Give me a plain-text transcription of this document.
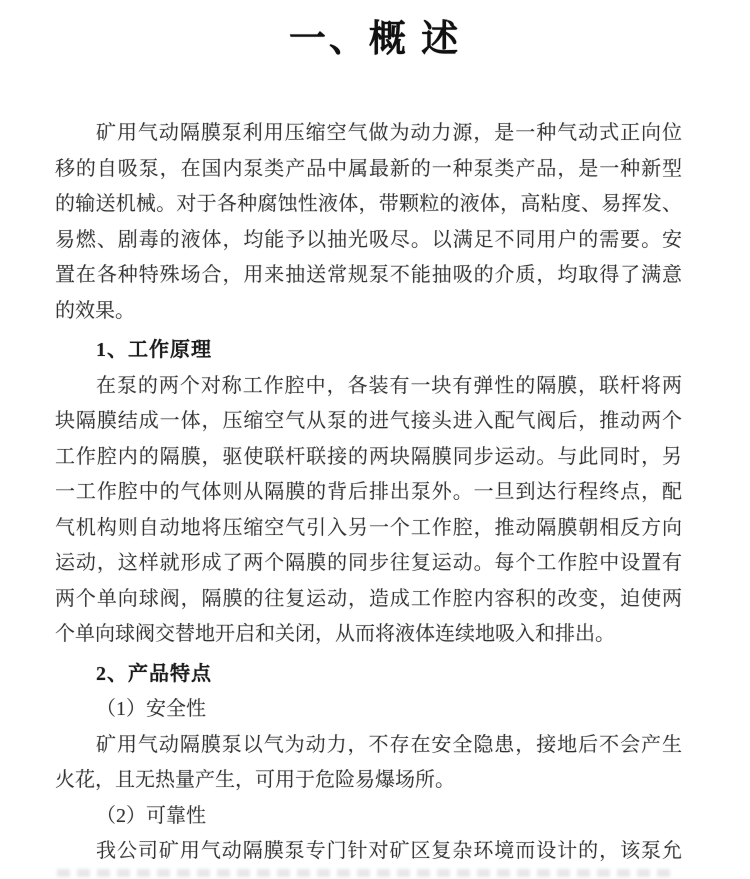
一、概 述
矿用气动隔膜泵利用压缩空气做为动力源，是一种气动式正向位
移的自吸泵，在国内泵类产品中属最新的一种泵类产品，是一种新型
的输送机械。对于各种腐蚀性液体，带颗粒的液体，高粘度、易挥发、
易燃、剧毒的液体，均能予以抽光吸尽。以满足不同用户的需要。安
置在各种特殊场合，用来抽送常规泵不能抽吸的介质，均取得了满意
的效果。
1、工作原理
在泵的两个对称工作腔中，各装有一块有弹性的隔膜，联杆将两
块隔膜结成一体，压缩空气从泵的进气接头进入配气阀后，推动两个
工作腔内的隔膜，驱使联杆联接的两块隔膜同步运动。与此同时，另
一工作腔中的气体则从隔膜的背后排出泵外。一旦到达行程终点，配
气机构则自动地将压缩空气引入另一个工作腔，推动隔膜朝相反方向
运动，这样就形成了两个隔膜的同步往复运动。每个工作腔中设置有
两个单向球阀，隔膜的往复运动，造成工作腔内容积的改变，迫使两
个单向球阀交替地开启和关闭，从而将液体连续地吸入和排出。
2、产品特点
（1）安全性
矿用气动隔膜泵以气为动力，不存在安全隐患，接地后不会产生
火花，且无热量产生，可用于危险易爆场所。
（2）可靠性
我公司矿用气动隔膜泵专门针对矿区复杂环境而设计的，该泵允
